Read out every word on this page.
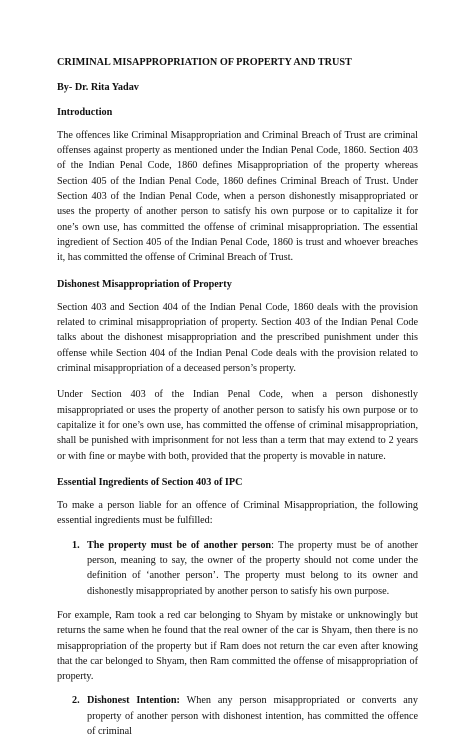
CRIMINAL MISAPPROPRIATION OF PROPERTY AND TRUST

By- Dr. Rita Yadav

Introduction

The offences like Criminal Misappropriation and Criminal Breach of Trust are criminal offenses against property as mentioned under the Indian Penal Code, 1860. Section 403 of the Indian Penal Code, 1860 defines Misappropriation of the property whereas Section 405 of the Indian Penal Code, 1860 defines Criminal Breach of Trust. Under Section 403 of the Indian Penal Code, when a person dishonestly misappropriated or uses the property of another person to satisfy his own purpose or to capitalize it for one’s own use, has committed the offense of criminal misappropriation. The essential ingredient of Section 405 of the Indian Penal Code, 1860 is trust and whoever breaches it, has committed the offense of Criminal Breach of Trust.

Dishonest Misappropriation of Property

Section 403 and Section 404 of the Indian Penal Code, 1860 deals with the provision related to criminal misappropriation of property. Section 403 of the Indian Penal Code talks about the dishonest misappropriation and the prescribed punishment under this offense while Section 404 of the Indian Penal Code deals with the provision related to criminal misappropriation of a deceased person’s property.

Under Section 403 of the Indian Penal Code, when a person dishonestly misappropriated or uses the property of another person to satisfy his own purpose or to capitalize it for one’s own use, has committed the offense of criminal misappropriation, shall be punished with imprisonment for not less than a term that may extend to 2 years or with fine or maybe with both, provided that the property is movable in nature.

Essential Ingredients of Section 403 of IPC

To make a person liable for an offence of Criminal Misappropriation, the following essential ingredients must be fulfilled:

1. The property must be of another person: The property must be of another person, meaning to say, the owner of the property should not come under the definition of ‘another person’. The property must belong to its owner and dishonestly misappropriated by another person to satisfy his own purpose.

For example, Ram took a red car belonging to Shyam by mistake or unknowingly but returns the same when he found that the real owner of the car is Shyam, then there is no misappropriation of the property but if Ram does not return the car even after knowing that the car belonged to Shyam, then Ram committed the offense of misappropriation of property.

2. Dishonest Intention: When any person misappropriated or converts any property of another person with dishonest intention, has committed the offence of criminal
